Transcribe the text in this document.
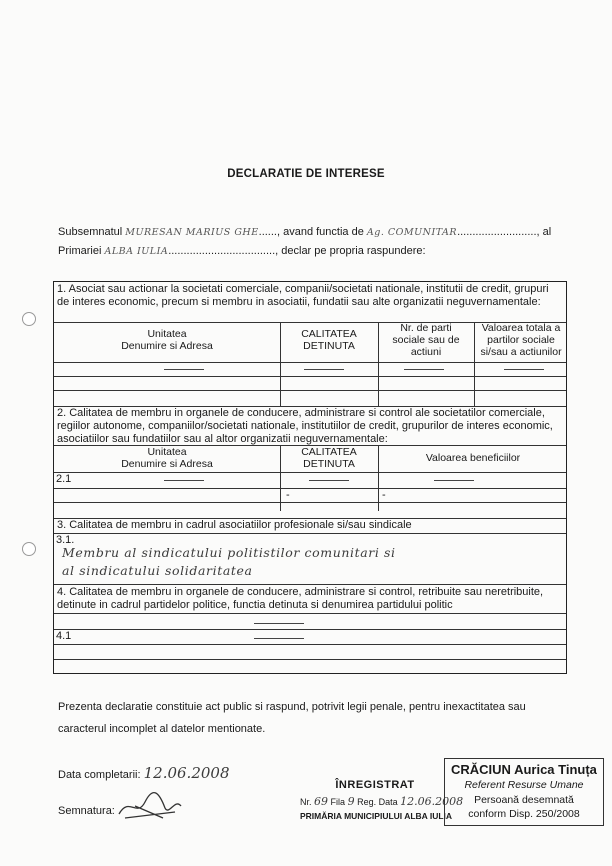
DECLARATIE DE INTERESE
Subsemnatul MURESAN MARIUS GHE......, avand functia de Ag. COMUNITAR.........................., al
Primariei ALBA IULIA..................................., declar pe propria raspundere:
1. Asociat sau actionar la societati comerciale, companii/societati nationale, institutii de credit, grupuri de interes economic, precum si membru in asociatii, fundatii sau alte organizatii neguvernamentale:
Unitatea
Denumire si Adresa
CALITATEA
DETINUTA
Nr. de parti
sociale sau de
actiuni
Valoarea totala a
partilor sociale
si/sau a actiunilor
2. Calitatea de membru in organele de conducere, administrare si control ale societatilor comerciale, regiilor autonome, companiilor/societati nationale, institutiilor de credit, grupurilor de interes economic, asociatiilor sau fundatiilor sau al altor organizatii neguvernamentale:
Unitatea
Denumire si Adresa
CALITATEA
DETINUTA	Valoarea beneficiilor
2.1
-	-
3. Calitatea de membru in cadrul asociatiilor profesionale si/sau sindicale
3.1.
Membru al sindicatului politistilor comunitari si
al sindicatului solidaritatea
4. Calitatea de membru in organele de conducere, administrare si control, retribuite sau neretribuite, detinute in cadrul partidelor politice, functia detinuta si denumirea partidului politic
4.1
Prezenta declaratie constituie act public si raspund, potrivit legii penale, pentru inexactitatea sau
caracterul incomplet al datelor mentionate.
Data completarii: 12.06.2008
Semnatura:
ÎNREGISTRAT
Nr. 69 Fila 9 Reg. Data 12.06.2008
PRIMĂRIA MUNICIPIULUI ALBA IULIA
CRĂCIUN Aurica Tinuța
Referent Resurse Umane
Persoană desemnată
conform Disp. 250/2008
